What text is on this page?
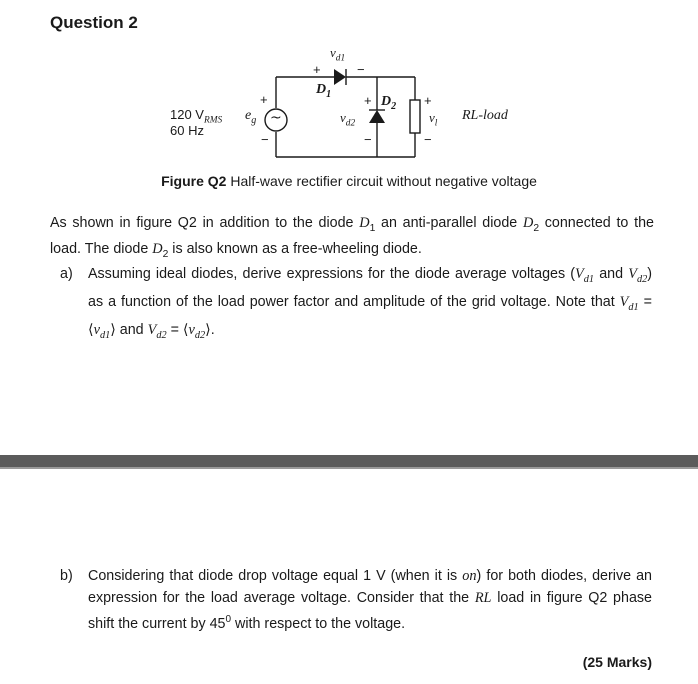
Question 2
~
120 $V_{RMS}$
60 Hz
$e_g$
+
−
$v_{d1}$
+	−
$D_1$	+ $D_2$
$v_{d2}$
−
+
$v_l$
−
RL-load
Figure Q2 Half-wave rectifier circuit without negative voltage
As shown in figure Q2 in addition to the diode $D_1$ an anti-parallel diode $D_2$ connected to the load. The diode $D_2$ is also known as a free-wheeling diode.
a) Assuming ideal diodes, derive expressions for the diode average voltages ($V_{d1}$ and $V_{d2}$) as a function of the load power factor and amplitude of the grid voltage. Note that $V_{d1}$ = $⟨v_{d1}⟩$ and $V_{d2}$ = $⟨v_{d2}⟩$.
b) Considering that diode drop voltage equal 1 V (when it is on) for both diodes, derive an expression for the load average voltage. Consider that the RL load in figure Q2 phase shift the current by $45^0$ with respect to the voltage.
(25 Marks)
